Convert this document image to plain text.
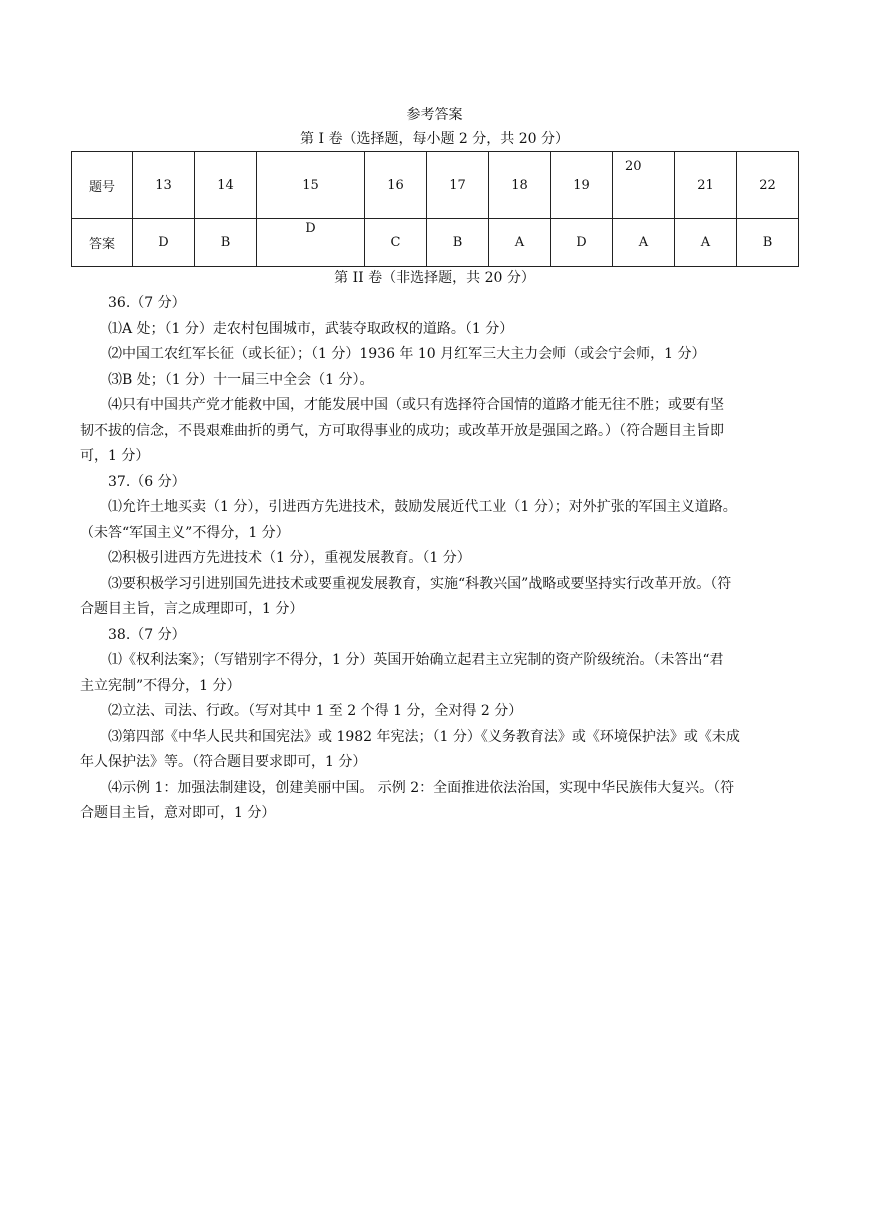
参考答案
第 I 卷（选择题，每小题 2 分，共 20 分）
题号	13	14	15	16	17	18	19	20	21	22
答案	D	B	D	C	B	A	D	A	A	B
第 II 卷（非选择题，共 20 分）

36.（7 分）

⑴A 处；（1 分）走农村包围城市，武装夺取政权的道路。（1 分）

⑵中国工农红军长征（或长征）；（1 分）1936 年 10 月红军三大主力会师（或会宁会师，1 分）

⑶B 处；（1 分）十一届三中全会（1 分）。

⑷只有中国共产党才能救中国，才能发展中国（或只有选择符合国情的道路才能无往不胜；或要有坚

韧不拔的信念，不畏艰难曲折的勇气，方可取得事业的成功；或改革开放是强国之路。）（符合题目主旨即

可，1 分）

37.（6 分）

⑴允许土地买卖（1 分），引进西方先进技术，鼓励发展近代工业（1 分）；对外扩张的军国主义道路。

（未答“军国主义”不得分，1 分）

⑵积极引进西方先进技术（1 分），重视发展教育。（1 分）

⑶要积极学习引进别国先进技术或要重视发展教育，实施“科教兴国”战略或要坚持实行改革开放。（符

合题目主旨，言之成理即可，1 分）

38.（7 分）

⑴《权利法案》；（写错别字不得分，1 分）英国开始确立起君主立宪制的资产阶级统治。（未答出“君

主立宪制”不得分，1 分）

⑵立法、司法、行政。（写对其中 1 至 2 个得 1 分，全对得 2 分）

⑶第四部《中华人民共和国宪法》或 1982 年宪法；（1 分）《义务教育法》或《环境保护法》或《未成

年人保护法》等。（符合题目要求即可，1 分）

⑷示例 1：加强法制建设，创建美丽中国。 示例 2：全面推进依法治国，实现中华民族伟大复兴。（符

合题目主旨，意对即可，1 分）
